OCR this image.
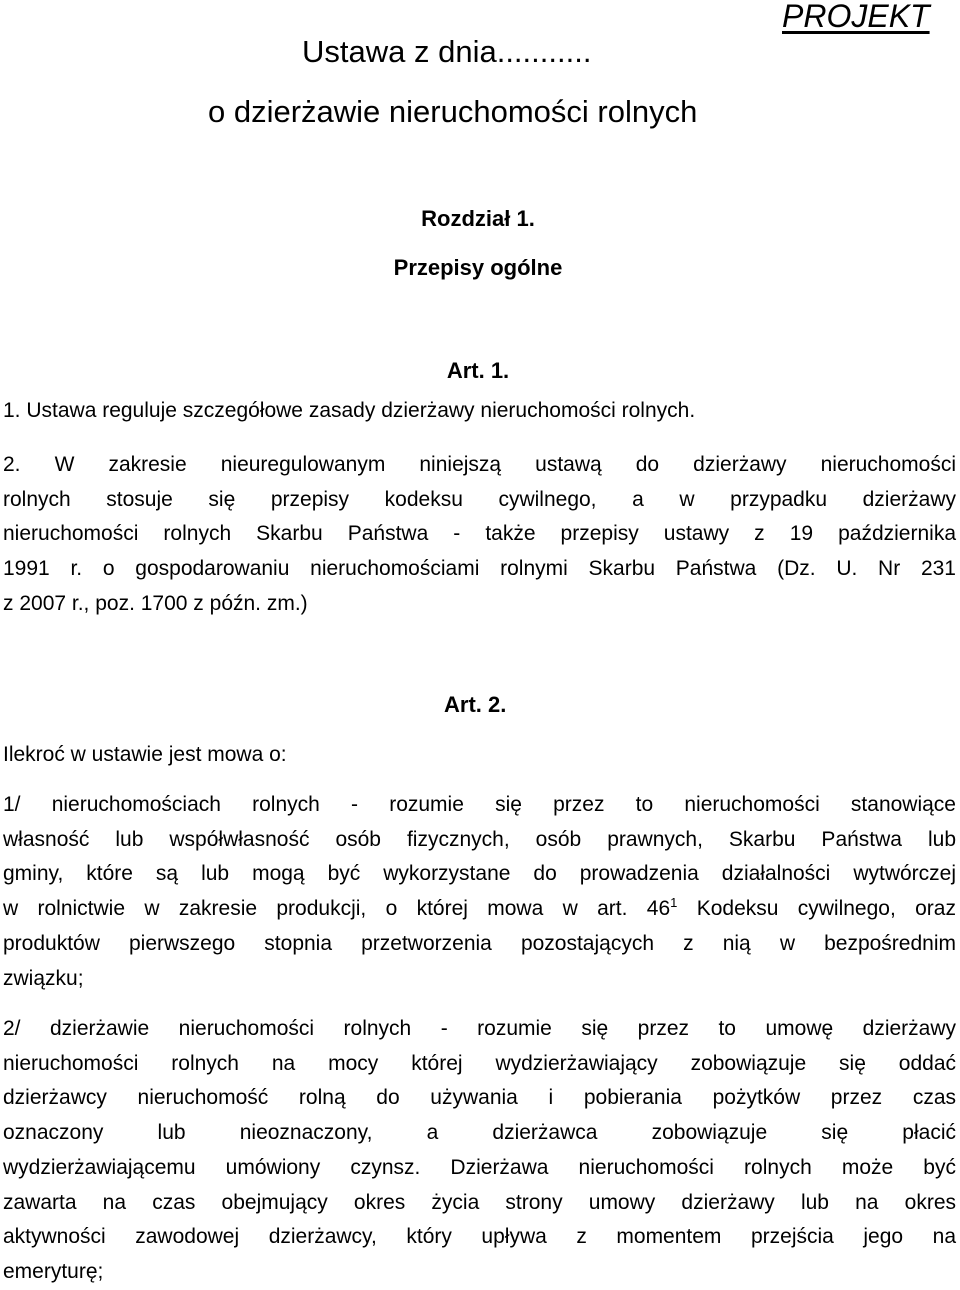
PROJEKT
Ustawa z dnia...........
o dzierżawie nieruchomości rolnych
Rozdział 1.
Przepisy ogólne
Art. 1.
1. Ustawa reguluje szczegółowe zasady dzierżawy nieruchomości rolnych.
2. W zakresie nieuregulowanym niniejszą ustawą do dzierżawy nieruchomości
rolnych stosuje się przepisy kodeksu cywilnego, a w przypadku dzierżawy
nieruchomości rolnych Skarbu Państwa - także przepisy ustawy z 19 października
1991 r. o gospodarowaniu nieruchomościami rolnymi Skarbu Państwa (Dz. U. Nr 231
z 2007 r., poz. 1700 z późn. zm.)
Art. 2.
Ilekroć w ustawie jest mowa o:
1/ nieruchomościach rolnych - rozumie się przez to nieruchomości stanowiące
własność lub współwłasność osób fizycznych, osób prawnych, Skarbu Państwa lub
gminy, które są lub mogą być wykorzystane do prowadzenia działalności wytwórczej
w rolnictwie w zakresie produkcji, o której mowa w art. $46^1$ Kodeksu cywilnego, oraz
produktów pierwszego stopnia przetworzenia pozostających z nią w bezpośrednim
związku;
2/ dzierżawie nieruchomości rolnych - rozumie się przez to umowę dzierżawy
nieruchomości rolnych na mocy której wydzierżawiający zobowiązuje się oddać
dzierżawcy nieruchomość rolną do używania i pobierania pożytków przez czas
oznaczony lub nieoznaczony, a dzierżawca zobowiązuje się płacić
wydzierżawiającemu umówiony czynsz. Dzierżawa nieruchomości rolnych może być
zawarta na czas obejmujący okres życia strony umowy dzierżawy lub na okres
aktywności zawodowej dzierżawcy, który upływa z momentem przejścia jego na
emeryturę;
